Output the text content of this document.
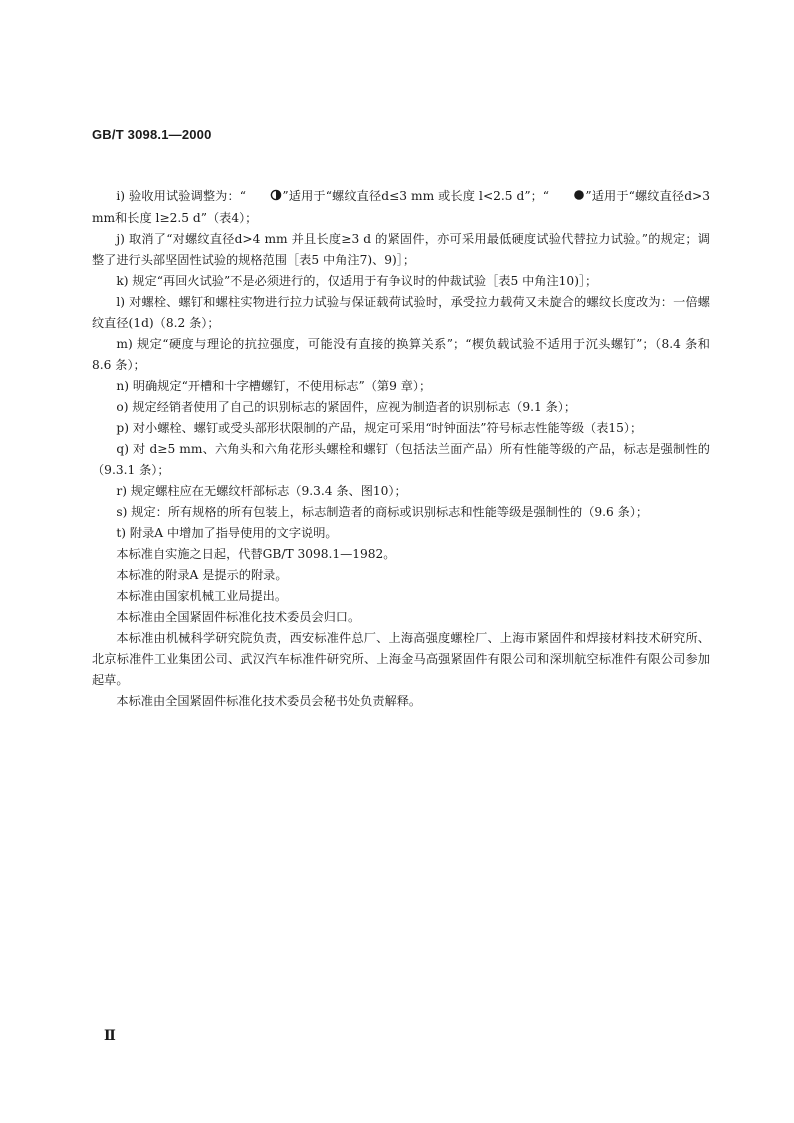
GB/T 3098.1—2000

i) 验收用试验调整为：“	”适用于“螺纹直径d≤3 mm 或长度 l<2.5 d”；“	”适用于“螺纹直径d>3 mm和长度 l≥2.5 d”（表4）；

j) 取消了“对螺纹直径d>4 mm 并且长度≥3 d 的紧固件，亦可采用最低硬度试验代替拉力试验。”的规定；调整了进行头部坚固性试验的规格范围［表5 中角注7)、9)］；

k) 规定“再回火试验”不是必须进行的，仅适用于有争议时的仲裁试验［表5 中角注10)］；

l) 对螺栓、螺钉和螺柱实物进行拉力试验与保证载荷试验时，承受拉力载荷又未旋合的螺纹长度改为：一倍螺纹直径(1d)（8.2 条）；

m) 规定“硬度与理论的抗拉强度，可能没有直接的换算关系”；“楔负载试验不适用于沉头螺钉”；（8.4 条和 8.6 条）；

n) 明确规定“开槽和十字槽螺钉，不使用标志”（第9 章）；

o) 规定经销者使用了自己的识别标志的紧固件，应视为制造者的识别标志（9.1 条）；

p) 对小螺栓、螺钉或受头部形状限制的产品，规定可采用“时钟面法”符号标志性能等级（表15）；

q) 对 d≥5 mm、六角头和六角花形头螺栓和螺钉（包括法兰面产品）所有性能等级的产品，标志是强制性的（9.3.1 条）；

r) 规定螺柱应在无螺纹杆部标志（9.3.4 条、图10）；

s) 规定：所有规格的所有包装上，标志制造者的商标或识别标志和性能等级是强制性的（9.6 条）；

t) 附录A 中增加了指导使用的文字说明。

本标准自实施之日起，代替GB/T 3098.1—1982。

本标准的附录A 是提示的附录。

本标准由国家机械工业局提出。

本标准由全国紧固件标准化技术委员会归口。

本标准由机械科学研究院负责，西安标准件总厂、上海高强度螺栓厂、上海市紧固件和焊接材料技术研究所、北京标准件工业集团公司、武汉汽车标准件研究所、上海金马高强紧固件有限公司和深圳航空标准件有限公司参加起草。

本标准由全国紧固件标准化技术委员会秘书处负责解释。

Ⅱ
